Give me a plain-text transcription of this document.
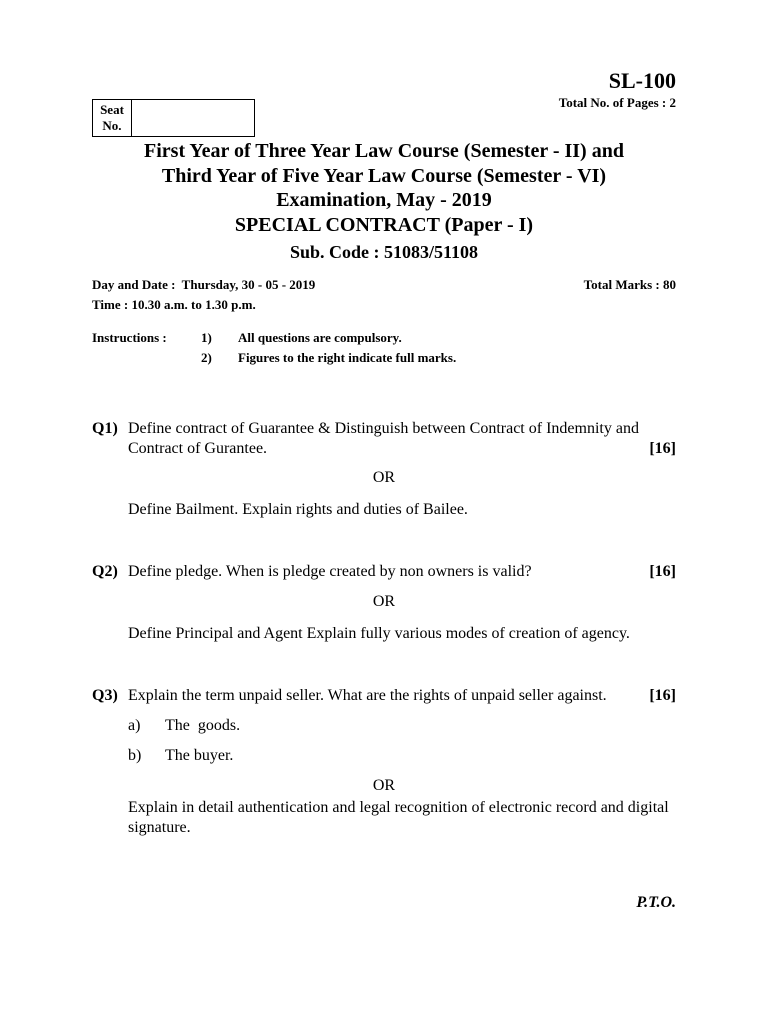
SL-100
Total No. of Pages : 2
Seat
No.
First Year of Three Year Law Course (Semester - II) and
Third Year of Five Year Law Course (Semester - VI)
Examination, May - 2019
SPECIAL CONTRACT (Paper - I)
Sub. Code : 51083/51108
Day and Date :  Thursday, 30 - 05 - 2019	Total Marks : 80
Time : 10.30 a.m. to 1.30 p.m.
Instructions :	1) All questions are compulsory.
2) Figures to the right indicate full marks.
Q1) Define contract of Guarantee & Distinguish between Contract of Indemnity and Contract of Gurantee.	[16]
OR
Define Bailment. Explain rights and duties of Bailee.
Q2) Define pledge. When is pledge created by non owners is valid?	[16]
OR
Define Principal and Agent Explain fully various modes of creation of agency.
Q3) Explain the term unpaid seller. What are the rights of unpaid seller against.	[16]
a) The  goods.
b) The buyer.
OR
Explain in detail authentication and legal recognition of electronic record and digital signature.
P.T.O.
